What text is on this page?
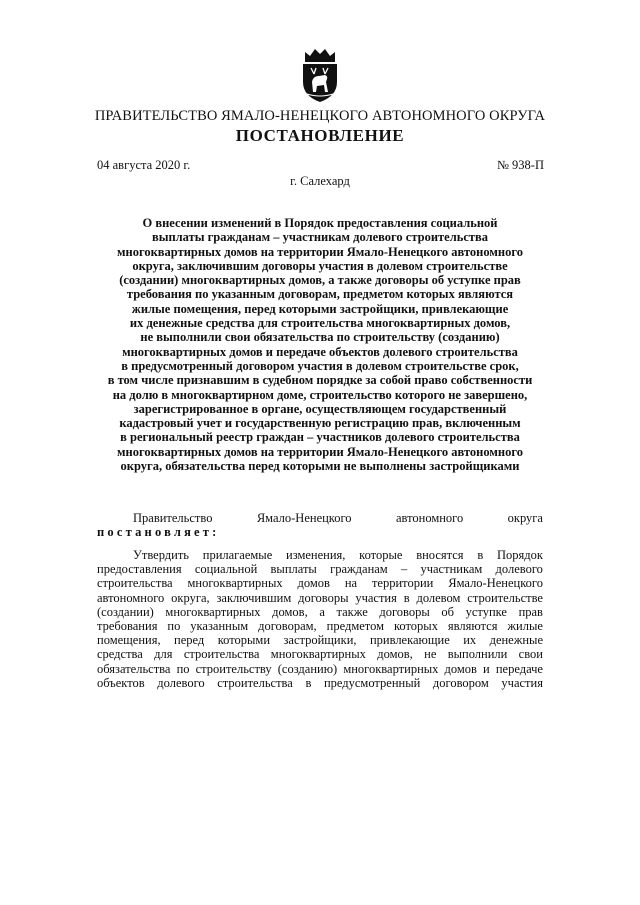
ПРАВИТЕЛЬСТВО ЯМАЛО-НЕНЕЦКОГО АВТОНОМНОГО ОКРУГА
ПОСТАНОВЛЕНИЕ
04 августа 2020 г.	№ 938-П
г. Салехард
О внесении изменений в Порядок предоставления социальной
выплаты гражданам – участникам долевого строительства
многоквартирных домов на территории Ямало-Ненецкого автономного
округа, заключившим договоры участия в долевом строительстве
(создании) многоквартирных домов, а также договоры об уступке прав
требования по указанным договорам, предметом которых являются
жилые помещения, перед которыми застройщики, привлекающие
их денежные средства для строительства многоквартирных домов,
не выполнили свои обязательства по строительству (созданию)
многоквартирных домов и передаче объектов долевого строительства
в предусмотренный договором участия в долевом строительстве срок,
в том числе признавшим в судебном порядке за собой право собственности
на долю в многоквартирном доме, строительство которого не завершено,
зарегистрированное в органе, осуществляющем государственный
кадастровый учет и государственную регистрацию прав, включенным
в региональный реестр граждан – участников долевого строительства
многоквартирных домов на территории Ямало-Ненецкого автономного
округа, обязательства перед которыми не выполнены застройщиками
Правительство	Ямало-Ненецкого	автономного	округа
постановляет:
Утвердить прилагаемые изменения, которые вносятся в Порядок
предоставления социальной выплаты гражданам – участникам долевого
строительства многоквартирных домов на территории Ямало-Ненецкого
автономного округа, заключившим договоры участия в долевом строительстве
(создании) многоквартирных домов, а также договоры об уступке прав
требования по указанным договорам, предметом которых являются жилые
помещения, перед которыми застройщики, привлекающие их денежные
средства для строительства многоквартирных домов, не выполнили свои
обязательства по строительству (созданию) многоквартирных домов и передаче
объектов долевого строительства в предусмотренный договором участия
